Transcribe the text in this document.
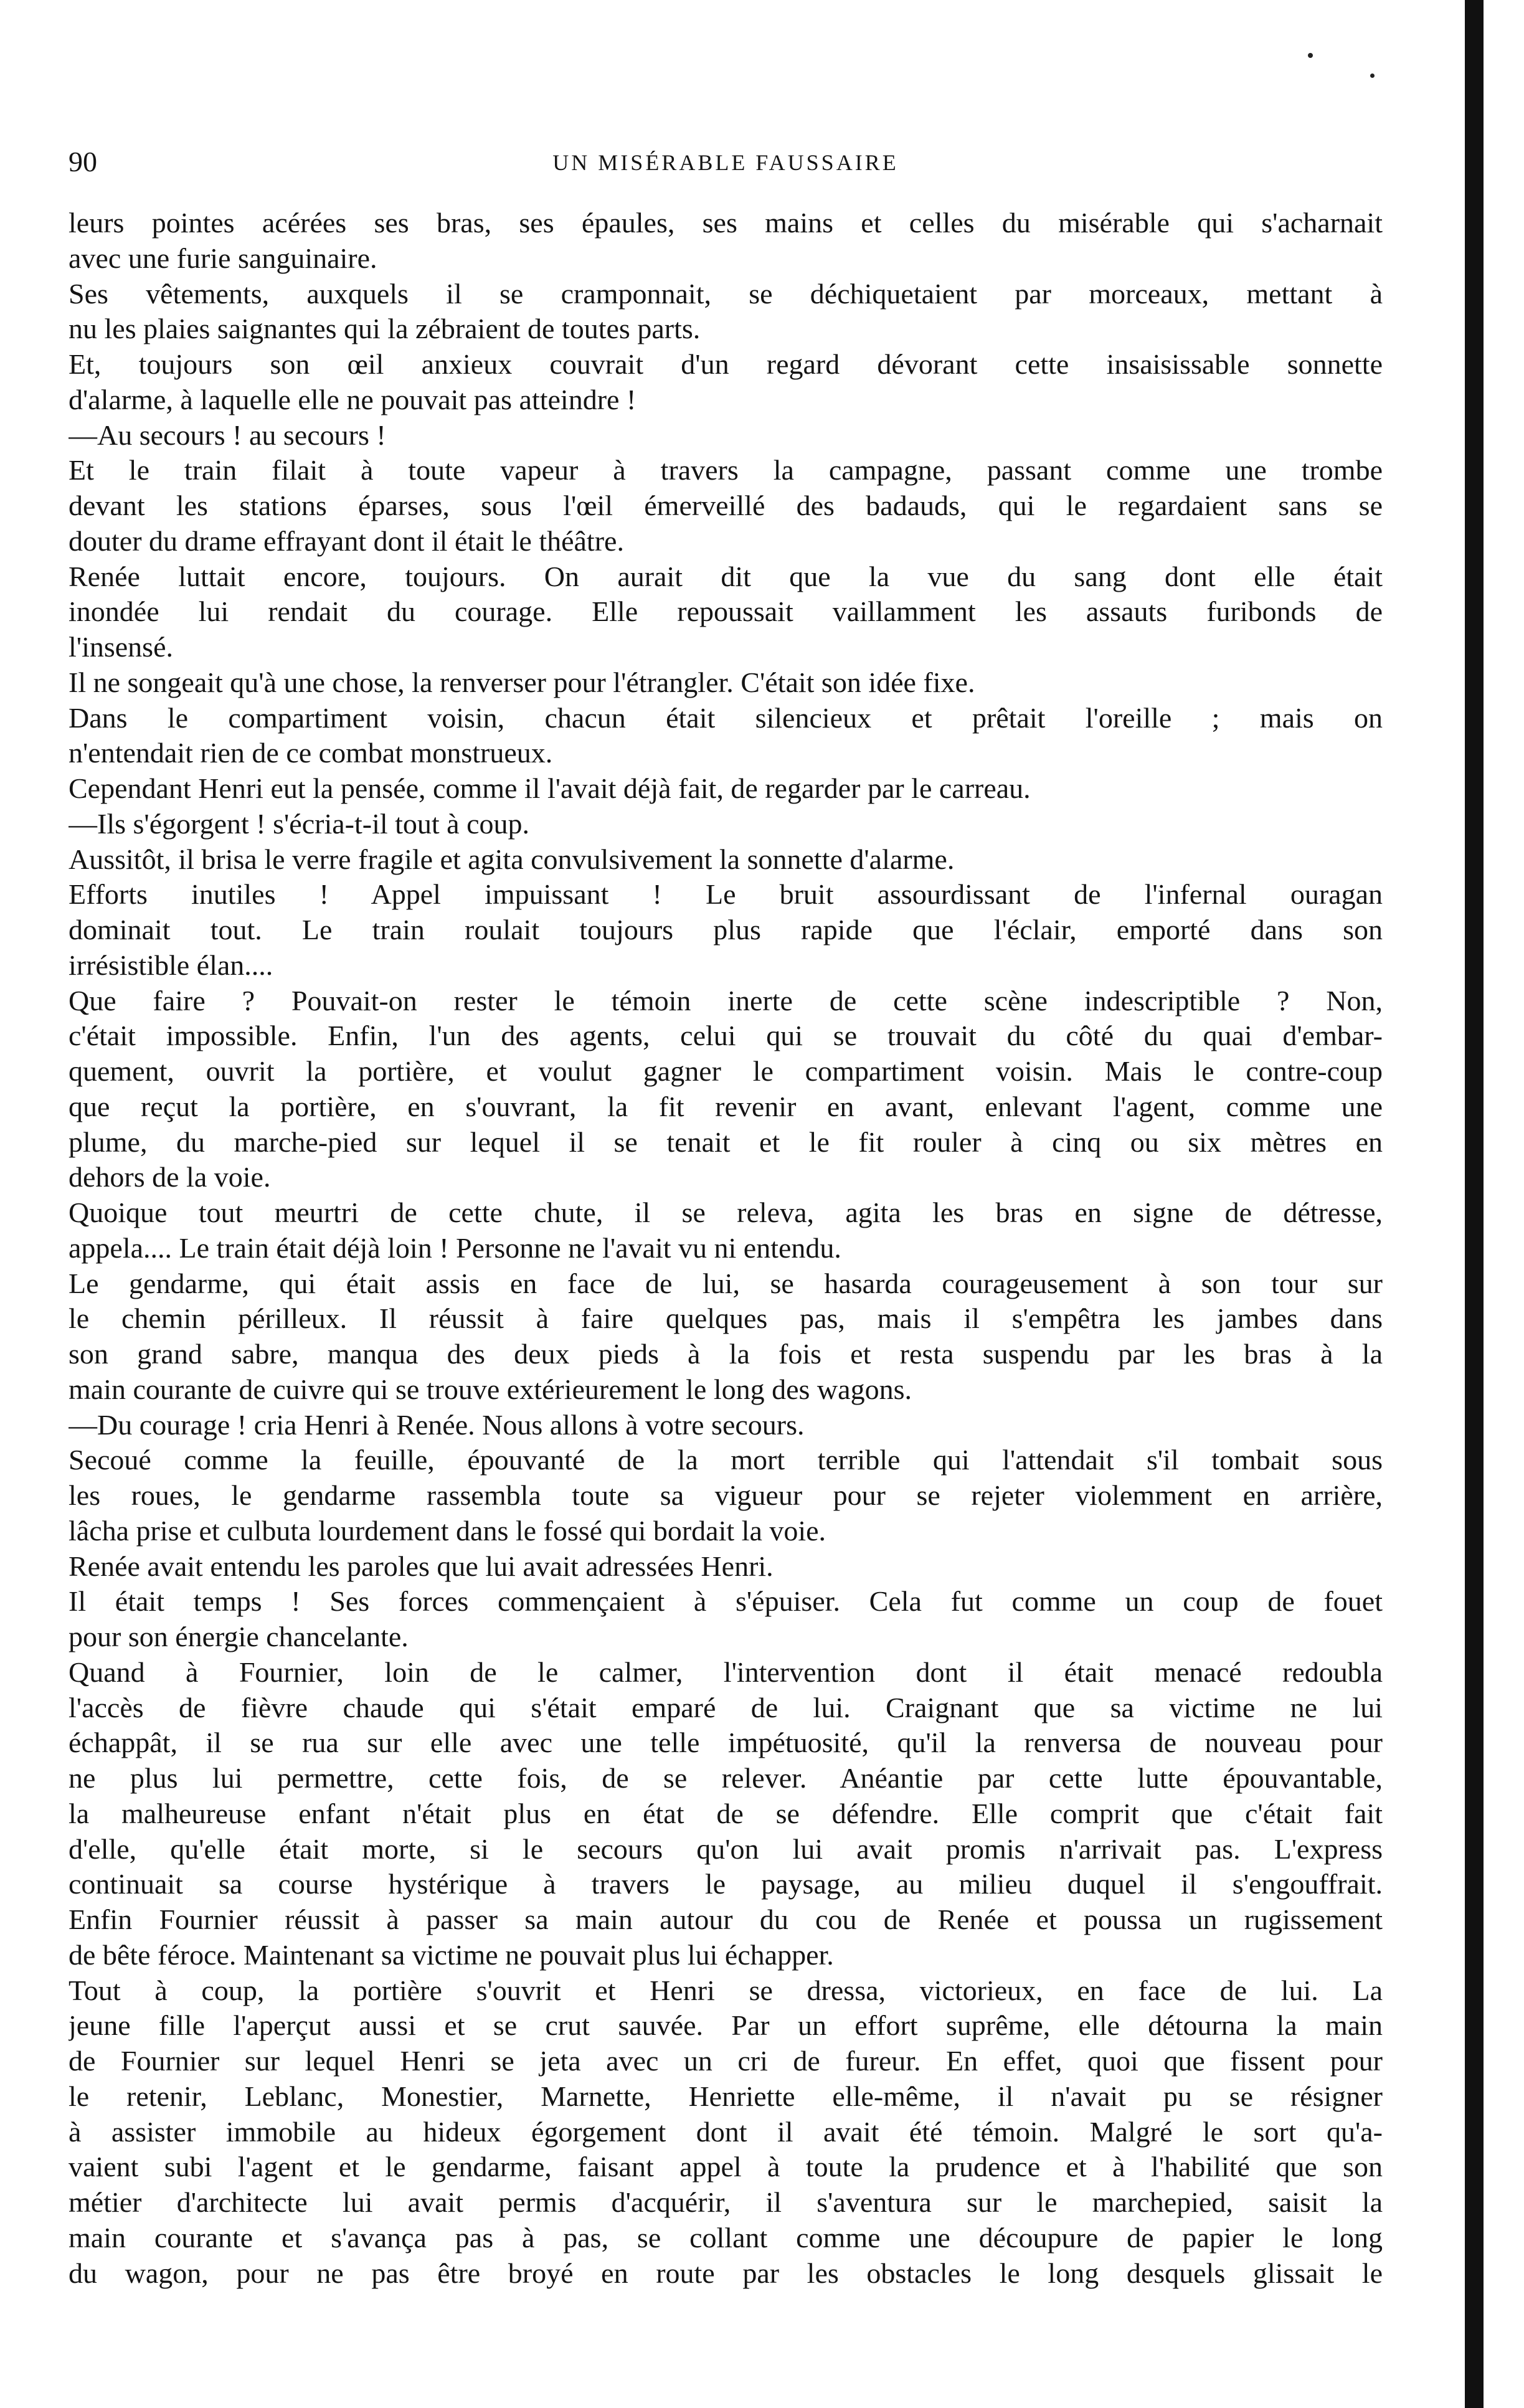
90	UN MISÉRABLE FAUSSAIRE
leurs pointes acérées ses bras, ses épaules, ses mains et celles du misérable qui s'acharnait
avec une furie sanguinaire.
Ses vêtements, auxquels il se cramponnait, se déchiquetaient par morceaux, mettant à
nu les plaies saignantes qui la zébraient de toutes parts.
Et, toujours son œil anxieux couvrait d'un regard dévorant cette insaisissable sonnette
d'alarme, à laquelle elle ne pouvait pas atteindre !
—Au secours ! au secours !
Et le train filait à toute vapeur à travers la campagne, passant comme une trombe
devant les stations éparses, sous l'œil émerveillé des badauds, qui le regardaient sans se
douter du drame effrayant dont il était le théâtre.
Renée luttait encore, toujours. On aurait dit que la vue du sang dont elle était
inondée lui rendait du courage. Elle repoussait vaillamment les assauts furibonds de
l'insensé.
Il ne songeait qu'à une chose, la renverser pour l'étrangler. C'était son idée fixe.
Dans le compartiment voisin, chacun était silencieux et prêtait l'oreille ; mais on
n'entendait rien de ce combat monstrueux.
Cependant Henri eut la pensée, comme il l'avait déjà fait, de regarder par le carreau.
—Ils s'égorgent ! s'écria-t-il tout à coup.
Aussitôt, il brisa le verre fragile et agita convulsivement la sonnette d'alarme.
Efforts inutiles ! Appel impuissant ! Le bruit assourdissant de l'infernal ouragan
dominait tout. Le train roulait toujours plus rapide que l'éclair, emporté dans son
irrésistible élan....
Que faire ? Pouvait-on rester le témoin inerte de cette scène indescriptible ? Non,
c'était impossible. Enfin, l'un des agents, celui qui se trouvait du côté du quai d'embar-
quement, ouvrit la portière, et voulut gagner le compartiment voisin. Mais le contre-coup
que reçut la portière, en s'ouvrant, la fit revenir en avant, enlevant l'agent, comme une
plume, du marche-pied sur lequel il se tenait et le fit rouler à cinq ou six mètres en
dehors de la voie.
Quoique tout meurtri de cette chute, il se releva, agita les bras en signe de détresse,
appela.... Le train était déjà loin ! Personne ne l'avait vu ni entendu.
Le gendarme, qui était assis en face de lui, se hasarda courageusement à son tour sur
le chemin périlleux. Il réussit à faire quelques pas, mais il s'empêtra les jambes dans
son grand sabre, manqua des deux pieds à la fois et resta suspendu par les bras à la
main courante de cuivre qui se trouve extérieurement le long des wagons.
—Du courage ! cria Henri à Renée. Nous allons à votre secours.
Secoué comme la feuille, épouvanté de la mort terrible qui l'attendait s'il tombait sous
les roues, le gendarme rassembla toute sa vigueur pour se rejeter violemment en arrière,
lâcha prise et culbuta lourdement dans le fossé qui bordait la voie.
Renée avait entendu les paroles que lui avait adressées Henri.
Il était temps ! Ses forces commençaient à s'épuiser. Cela fut comme un coup de fouet
pour son énergie chancelante.
Quand à Fournier, loin de le calmer, l'intervention dont il était menacé redoubla
l'accès de fièvre chaude qui s'était emparé de lui. Craignant que sa victime ne lui
échappât, il se rua sur elle avec une telle impétuosité, qu'il la renversa de nouveau pour
ne plus lui permettre, cette fois, de se relever. Anéantie par cette lutte épouvantable,
la malheureuse enfant n'était plus en état de se défendre. Elle comprit que c'était fait
d'elle, qu'elle était morte, si le secours qu'on lui avait promis n'arrivait pas. L'express
continuait sa course hystérique à travers le paysage, au milieu duquel il s'engouffrait.
Enfin Fournier réussit à passer sa main autour du cou de Renée et poussa un rugissement
de bête féroce. Maintenant sa victime ne pouvait plus lui échapper.
Tout à coup, la portière s'ouvrit et Henri se dressa, victorieux, en face de lui. La
jeune fille l'aperçut aussi et se crut sauvée. Par un effort suprême, elle détourna la main
de Fournier sur lequel Henri se jeta avec un cri de fureur. En effet, quoi que fissent pour
le retenir, Leblanc, Monestier, Marnette, Henriette elle-même, il n'avait pu se résigner
à assister immobile au hideux égorgement dont il avait été témoin. Malgré le sort qu'a-
vaient subi l'agent et le gendarme, faisant appel à toute la prudence et à l'habilité que son
métier d'architecte lui avait permis d'acquérir, il s'aventura sur le marchepied, saisit la
main courante et s'avança pas à pas, se collant comme une découpure de papier le long
du wagon, pour ne pas être broyé en route par les obstacles le long desquels glissait le
